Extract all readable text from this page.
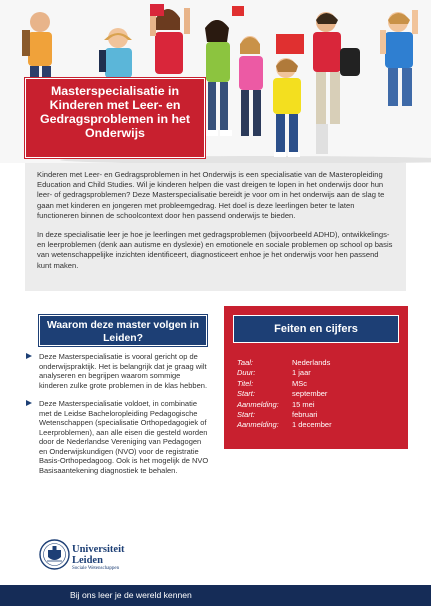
Masterspecialisatie in Kinderen met Leer- en Gedragsproblemen in het Onderwijs

Kinderen met Leer- en Gedragsproblemen in het Onderwijs is een specialisatie van de Masteropleiding Education and Child Studies. Wil je kinderen helpen die vast dreigen te lopen in het onderwijs door hun leer- of gedragsproblemen? Deze Masterspecialisatie bereidt je voor om in het onderwijs aan de slag te gaan met kinderen en jongeren met probleemgedrag. Het doel is deze leerlingen beter te laten functioneren binnen de schoolcontext door hen passend onderwijs te bieden.

In deze specialisatie leer je hoe je leerlingen met gedragsproblemen (bijvoorbeeld ADHD), ontwikkelings- en leerproblemen (denk aan autisme en dyslexie) en emotionele en sociale problemen op school op basis van wetenschappelijke inzichten identificeert, diagnosticeert enhoe je het onderwijs voor hen passend kunt maken.

Waarom deze master volgen in Leiden?
Deze Masterspecialisatie is vooral gericht op de onderwijspraktijk. Het is belangrijk dat je graag wilt analyseren en begrijpen waarom sommige kinderen zulke grote problemen in de klas hebben.
Deze Masterspecialisatie voldoet, in combinatie met de Leidse Bacheloropleiding Pedagogische Wetenschappen (specialisatie Orthopedagogiek of Leerproblemen), aan alle eisen die gesteld worden door de Nederlandse Vereniging van Pedagogen en Onderwijskundigen (NVO) voor de registratie Basis-Orthopedagoog. Ook is het mogelijk de NVO Basisaantekening diagnostiek te behalen.
Feiten en cijfers
Taal:	Nederlands
Duur:	1 jaar
Titel:	MSc
Start:	september
Aanmelding:	15 mei
Start:	februari
Aanmelding:	1 december
Universiteit
Leiden
Sociale Wetenschappen
Bij ons leer je de wereld kennen
